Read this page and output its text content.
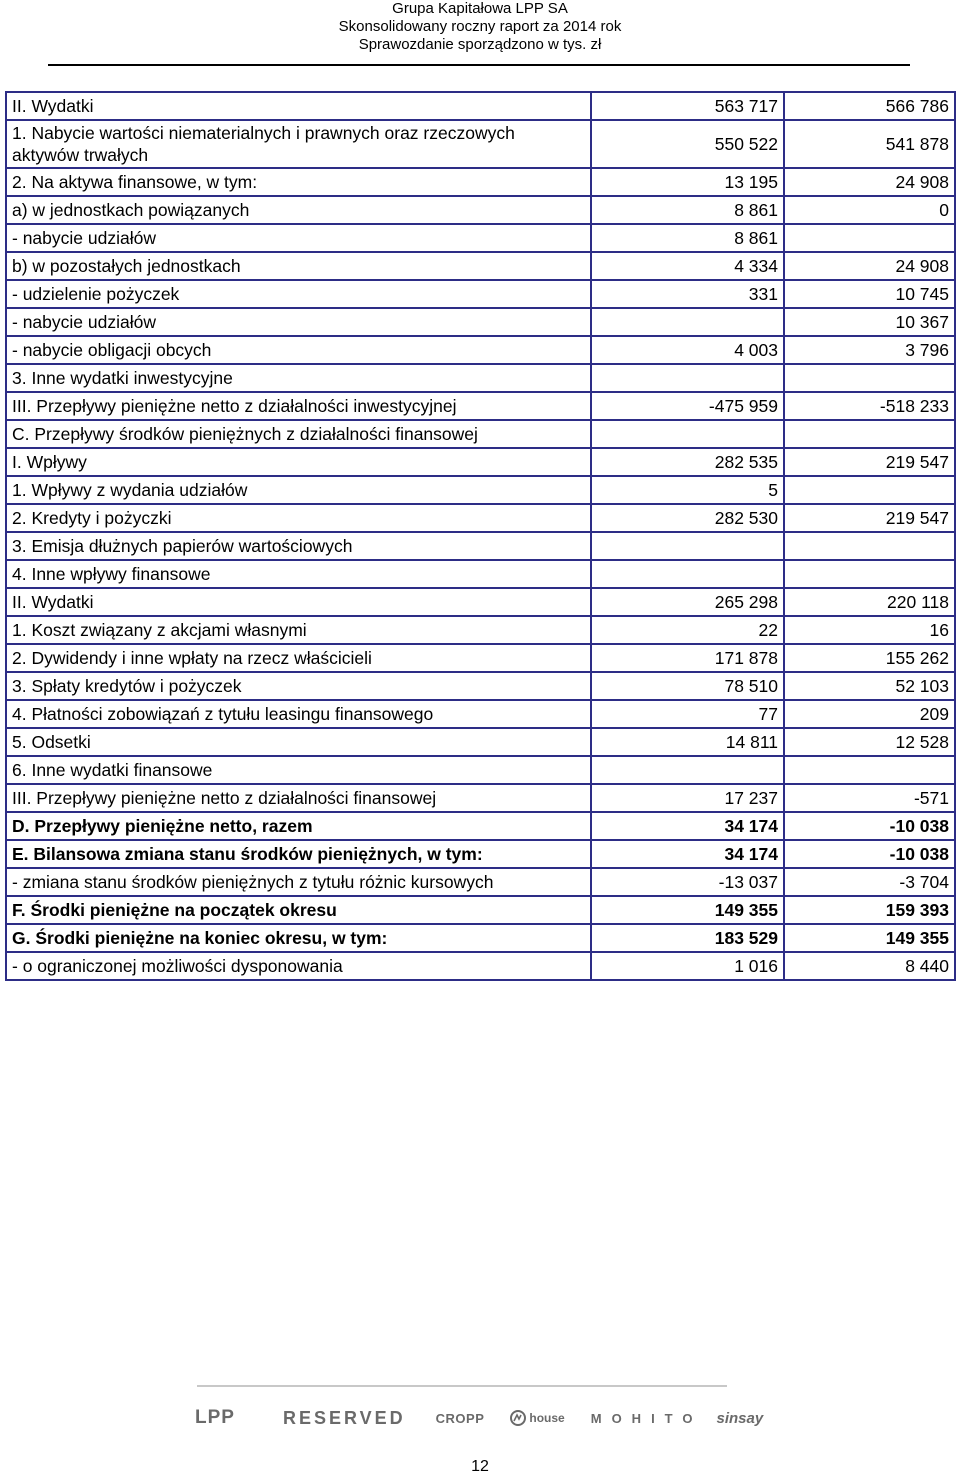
Grupa Kapitałowa LPP SA
Skonsolidowany roczny raport za 2014 rok
Sprawozdanie sporządzono w tys. zł
II. Wydatki	563 717	566 786
1. Nabycie wartości niematerialnych i prawnych oraz rzeczowych aktywów trwałych	550 522	541 878
2. Na aktywa finansowe, w tym:	13 195	24 908
a) w jednostkach powiązanych	8 861	0
- nabycie udziałów	8 861	
b) w pozostałych jednostkach	4 334	24 908
- udzielenie pożyczek	331	10 745
- nabycie udziałów		10 367
- nabycie obligacji obcych	4 003	3 796
3. Inne wydatki inwestycyjne		
III. Przepływy pieniężne netto z działalności inwestycyjnej	-475 959	-518 233
C. Przepływy środków pieniężnych z działalności finansowej		
I. Wpływy	282 535	219 547
1. Wpływy z wydania udziałów	5	
2. Kredyty i pożyczki	282 530	219 547
3. Emisja dłużnych papierów wartościowych		
4. Inne wpływy finansowe		
II. Wydatki	265 298	220 118
1. Koszt związany z akcjami własnymi	22	16
2. Dywidendy i inne wpłaty na rzecz właścicieli	171 878	155 262
3. Spłaty kredytów i pożyczek	78 510	52 103
4. Płatności zobowiązań z tytułu leasingu finansowego	77	209
5. Odsetki	14 811	12 528
6. Inne wydatki finansowe		
III. Przepływy pieniężne netto z działalności finansowej	17 237	-571
D. Przepływy pieniężne netto, razem	34 174	-10 038
E. Bilansowa zmiana stanu środków pieniężnych, w tym:	34 174	-10 038
- zmiana stanu środków pieniężnych z tytułu różnic kursowych	-13 037	-3 704
F. Środki pieniężne na początek okresu	149 355	159 393
G. Środki pieniężne na koniec okresu, w tym:	183 529	149 355
- o ograniczonej możliwości dysponowania	1 016	8 440
LPP	RESERVED CROPP	house MOHITO sinsay
12
